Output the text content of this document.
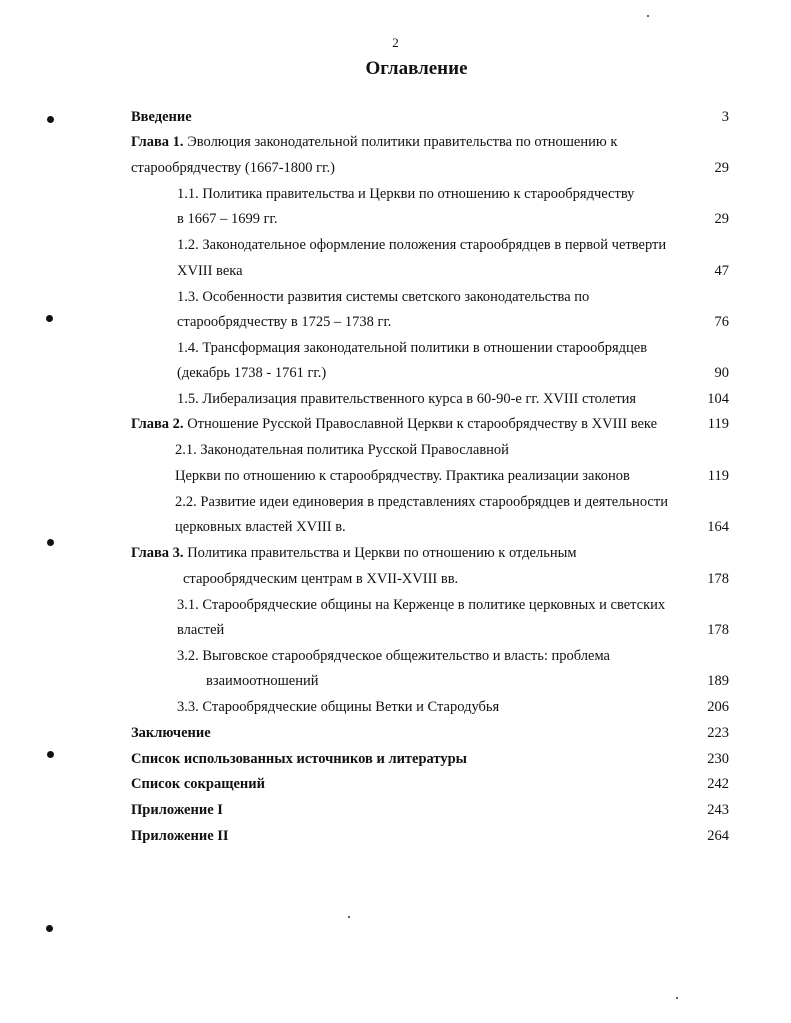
2
Оглавление
Введение	3
Глава 1. Эволюция законодательной политики правительства по отношению к
старообрядчеству (1667-1800 гг.)	29
1.1. Политика правительства и Церкви по отношению к старообрядчеству
в 1667 – 1699 гг.	29
1.2. Законодательное оформление положения старообрядцев в первой четверти
XVIII века	47
1.3. Особенности развития системы светского законодательства по
старообрядчеству в 1725 – 1738 гг.	76
1.4. Трансформация законодательной политики в отношении старообрядцев
(декабрь 1738 - 1761 гг.)	90
1.5. Либерализация правительственного курса в 60-90-е гг. XVIII столетия	104
Глава 2. Отношение Русской Православной Церкви к старообрядчеству в XVIII веке	119
2.1. Законодательная политика Русской Православной
Церкви по отношению к старообрядчеству. Практика реализации законов	119
2.2. Развитие идеи единоверия в представлениях старообрядцев и деятельности
церковных властей XVIII в.	164
Глава 3. Политика правительства и Церкви по отношению к отдельным
старообрядческим центрам в XVII-XVIII вв.	178
3.1. Старообрядческие общины на Керженце в политике церковных и светских
властей	178
3.2. Выговское старообрядческое общежительство и власть: проблема
взаимоотношений	189
3.3. Старообрядческие общины Ветки и Стародубья	206
Заключение	223
Список использованных источников и литературы	230
Список сокращений	242
Приложение I	243
Приложение II	264
